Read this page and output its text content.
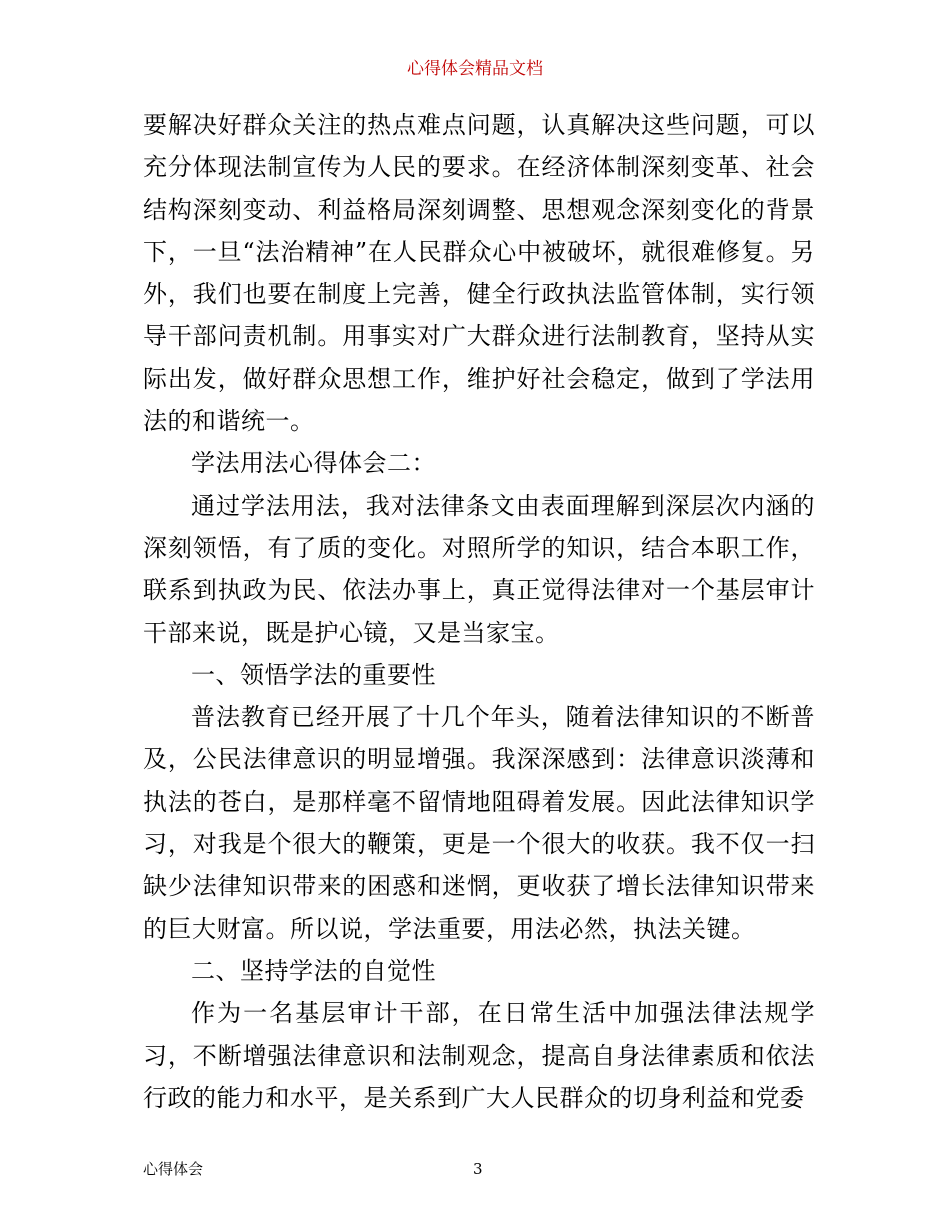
心得体会精品文档

要解决好群众关注的热点难点问题，认真解决这些问题，可以充分体现法制宣传为人民的要求。在经济体制深刻变革、社会结构深刻变动、利益格局深刻调整、思想观念深刻变化的背景下，一旦“法治精神”在人民群众心中被破坏，就很难修复。另外，我们也要在制度上完善，健全行政执法监管体制，实行领导干部问责机制。用事实对广大群众进行法制教育，坚持从实际出发，做好群众思想工作，维护好社会稳定，做到了学法用法的和谐统一。

学法用法心得体会二：

通过学法用法，我对法律条文由表面理解到深层次内涵的深刻领悟，有了质的变化。对照所学的知识，结合本职工作，联系到执政为民、依法办事上，真正觉得法律对一个基层审计干部来说，既是护心镜，又是当家宝。

一、领悟学法的重要性

普法教育已经开展了十几个年头，随着法律知识的不断普及，公民法律意识的明显增强。我深深感到：法律意识淡薄和执法的苍白，是那样毫不留情地阻碍着发展。因此法律知识学习，对我是个很大的鞭策，更是一个很大的收获。我不仅一扫缺少法律知识带来的困惑和迷惘，更收获了增长法律知识带来的巨大财富。所以说，学法重要，用法必然，执法关键。

二、坚持学法的自觉性

作为一名基层审计干部，在日常生活中加强法律法规学习，不断增强法律意识和法制观念，提高自身法律素质和依法行政的能力和水平，是关系到广大人民群众的切身利益和党委

心得体会	3
